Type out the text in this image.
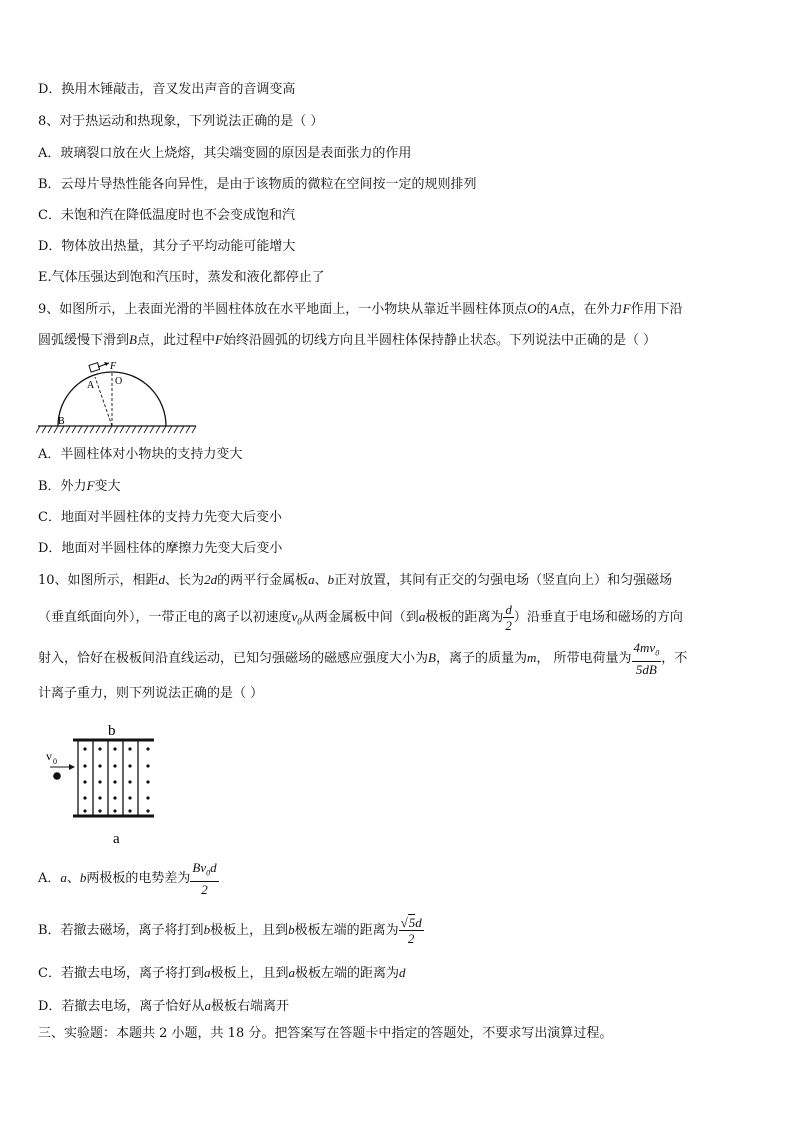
D．换用木锤敲击，音叉发出声音的音调变高
8、对于热运动和热现象，下列说法正确的是（ ）
A．玻璃裂口放在火上烧熔，其尖端变圆的原因是表面张力的作用
B．云母片导热性能各向异性，是由于该物质的微粒在空间按一定的规则排列
C．未饱和汽在降低温度时也不会变成饱和汽
D．物体放出热量，其分子平均动能可能增大
E.气体压强达到饱和汽压时，蒸发和液化都停止了
9、如图所示，上表面光滑的半圆柱体放在水平地面上，一小物块从靠近半圆柱体顶点O的A点，在外力F作用下沿
圆弧缓慢下滑到B点，此过程中F始终沿圆弧的切线方向且半圆柱体保持静止状态。下列说法中正确的是（ ）
F
A O
B
A．半圆柱体对小物块的支持力变大
B．外力F变大
C．地面对半圆柱体的支持力先变大后变小
D．地面对半圆柱体的摩擦力先变大后变小
10、如图所示，相距d、长为2d的两平行金属板a、b正对放置，其间有正交的匀强电场（竖直向上）和匀强磁场
（垂直纸面向外），一带正电的离子以初速度$v_0$从两金属板中间（到a极板的距离为 $\frac{d}{2}$ ）沿垂直于电场和磁场的方向
射入，恰好在极板间沿直线运动，已知匀强磁场的磁感应强度大小为B，离子的质量为m， 所带电荷量为 $\frac{4mv_0}{5dB}$ ，不
计离子重力，则下列说法正确的是（ ）
b
v 0
a
A．a、b两极板的电势差为 $\frac{Bv_0d}{2}$
B．若撤去磁场，离子将打到b极板上，且到b极板左端的距离为 $\frac{√5d}{2}$
C．若撤去电场，离子将打到a极板上，且到a极板左端的距离为d
D．若撤去电场，离子恰好从a极板右端离开
三、实验题：本题共 2 小题，共 18 分。把答案写在答题卡中指定的答题处，不要求写出演算过程。
